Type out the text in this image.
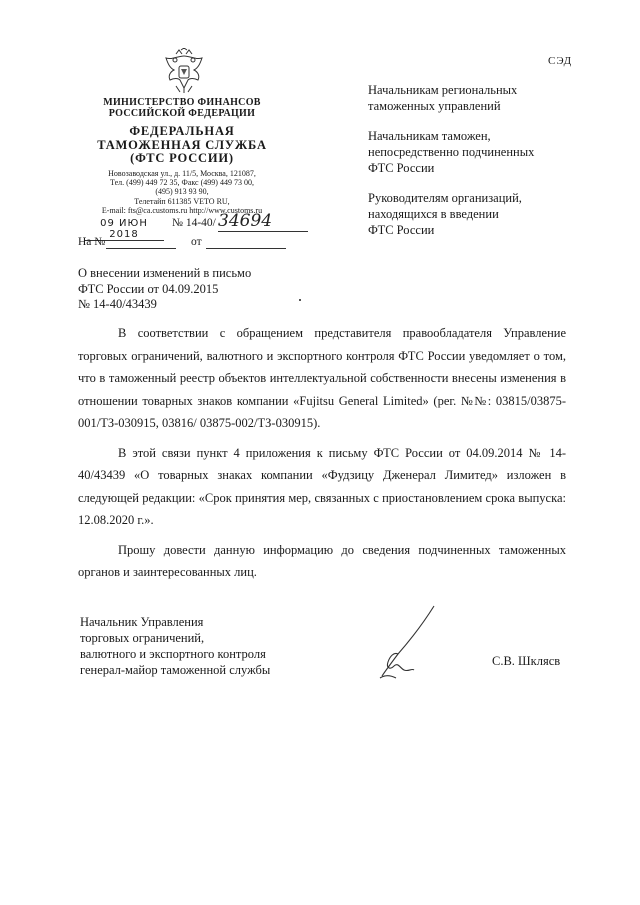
МИНИСТЕРСТВО ФИНАНСОВ
РОССИЙСКОЙ ФЕДЕРАЦИИ
ФЕДЕРАЛЬНАЯ
ТАМОЖЕННАЯ СЛУЖБА
(ФТС РОССИИ)
Новозаводская ул., д. 11/5, Москва, 121087,
Тел. (499) 449 72 35, Факс (499) 449 73 00,
(495) 913 93 90,
Телетайп 611385 VETO RU,
E-mail: fts@ca.customs.ru http://www.customs.ru
09 ИЮН 2018
№ 14-40/ 34694
На №	от
СЭД
Начальникам региональных
таможенных управлений
Начальникам таможен,
непосредственно подчиненных
ФТС России
Руководителям организаций,
находящихся в введении
ФТС России
О внесении изменений в письмо
ФТС России от 04.09.2015
№ 14-40/43439

В соответствии с обращением представителя правообладателя Управление торговых ограничений, валютного и экспортного контроля ФТС России уведомляет о том, что в таможенный реестр объектов интеллектуальной собственности внесены изменения в отношении товарных знаков компании «Fujitsu General Limited» (рег. №№: 03815/03875-001/ТЗ-030915, 03816/ 03875-002/ТЗ-030915).

В этой связи пункт 4 приложения к письму ФТС России от 04.09.2014 № 14-40/43439 «О товарных знаках компании «Фудзицу Дженерал Лимитед» изложен в следующей редакции: «Срок принятия мер, связанных с приостановлением срока выпуска: 12.08.2020 г.».

Прошу довести данную информацию до сведения подчиненных таможенных органов и заинтересованных лиц.

Начальник Управления
торговых ограничений,
валютного и экспортного контроля
генерал-майор таможенной службы
С.В. Шклясв
